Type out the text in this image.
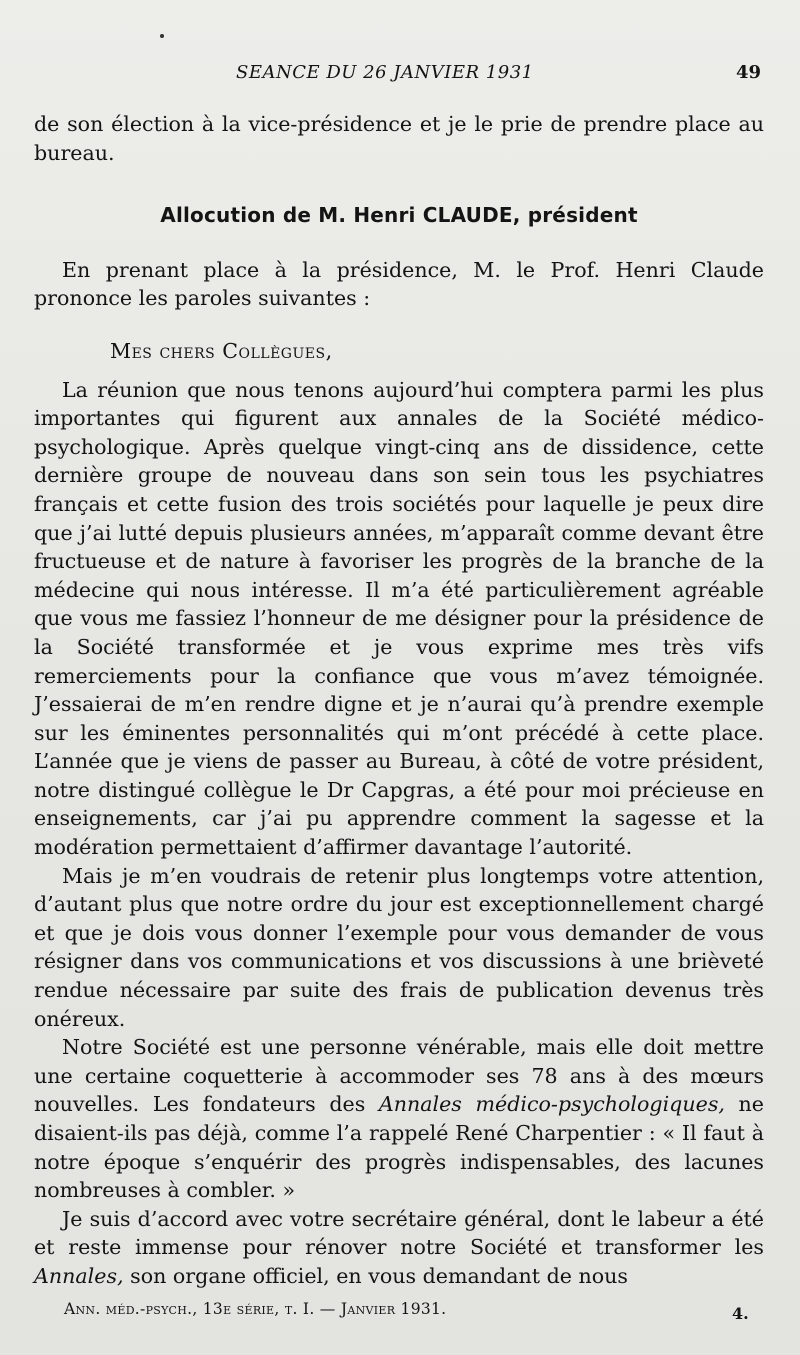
SEANCE DU 26 JANVIER 1931	49

de son élection à la vice-présidence et je le prie de prendre place au bureau.

Allocution de M. Henri CLAUDE, président

En prenant place à la présidence, M. le Prof. Henri Claude prononce les paroles suivantes :

Mes chers Collègues,

La réunion que nous tenons aujourd’hui comptera parmi les plus importantes qui figurent aux annales de la Société médico-psychologique. Après quelque vingt-cinq ans de dissidence, cette dernière groupe de nouveau dans son sein tous les psychiatres français et cette fusion des trois sociétés pour laquelle je peux dire que j’ai lutté depuis plusieurs années, m’apparaît comme devant être fructueuse et de nature à favoriser les progrès de la branche de la médecine qui nous intéresse. Il m’a été particulièrement agréable que vous me fassiez l’honneur de me désigner pour la présidence de la Société transformée et je vous exprime mes très vifs remerciements pour la confiance que vous m’avez témoignée. J’essaierai de m’en rendre digne et je n’aurai qu’à prendre exemple sur les éminentes personnalités qui m’ont précédé à cette place. L’année que je viens de passer au Bureau, à côté de votre président, notre distingué collègue le Dr Capgras, a été pour moi précieuse en enseignements, car j’ai pu apprendre comment la sagesse et la modération permettaient d’affirmer davantage l’autorité.

Mais je m’en voudrais de retenir plus longtemps votre attention, d’autant plus que notre ordre du jour est exceptionnellement chargé et que je dois vous donner l’exemple pour vous demander de vous résigner dans vos communications et vos discussions à une brièveté rendue nécessaire par suite des frais de publication devenus très onéreux.

Notre Société est une personne vénérable, mais elle doit mettre une certaine coquetterie à accommoder ses 78 ans à des mœurs nouvelles. Les fondateurs des Annales médico-psychologiques, ne disaient-ils pas déjà, comme l’a rappelé René Charpentier : « Il faut à notre époque s’enquérir des progrès indispensables, des lacunes nombreuses à combler. »

Je suis d’accord avec votre secrétaire général, dont le labeur a été et reste immense pour rénover notre Société et transformer les Annales, son organe officiel, en vous demandant de nous

Ann. méd.-psych., 13e série, t. I. — Janvier 1931.	4.
